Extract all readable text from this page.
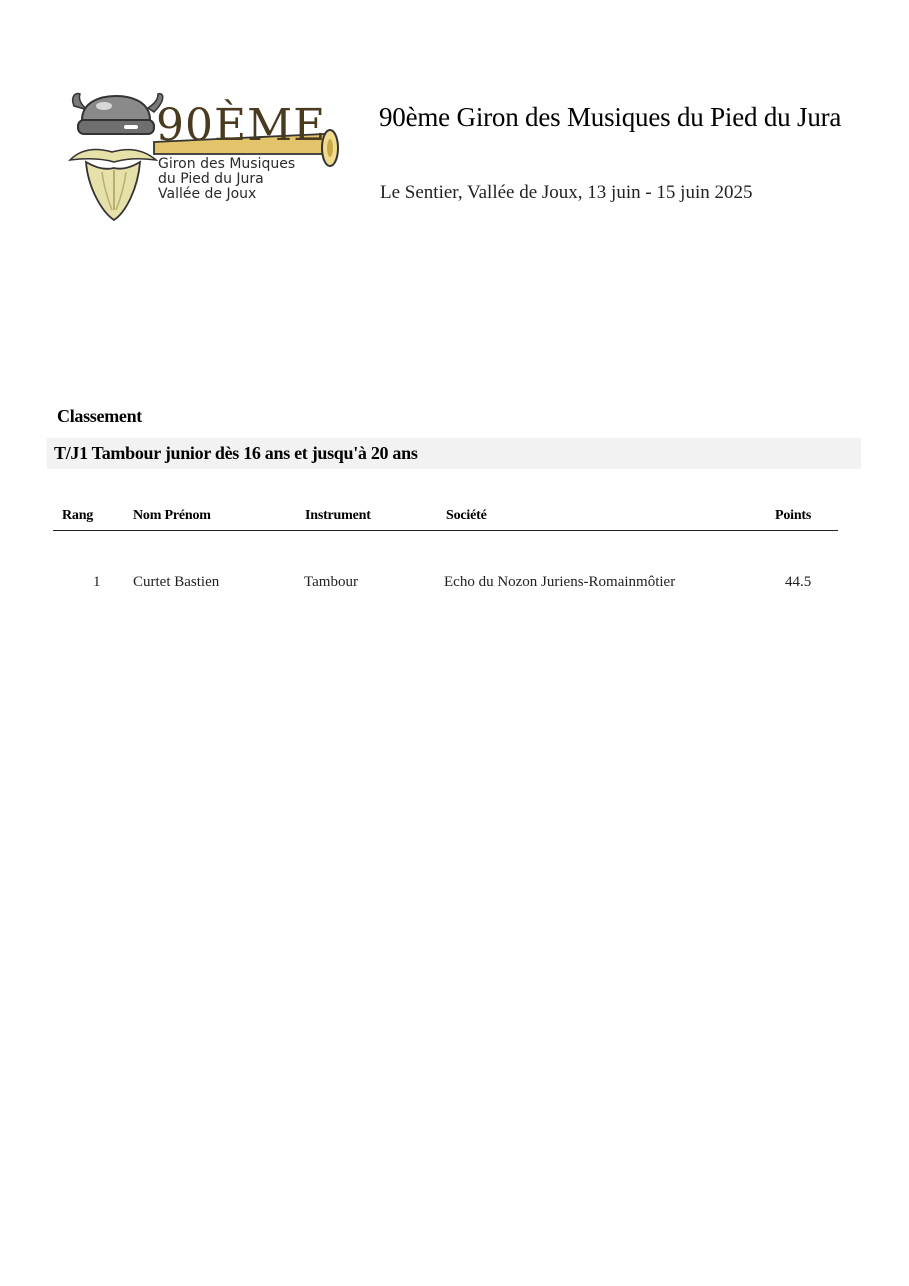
90ÈME
Giron des Musiques
du Pied du Jura
Vallée de Joux
90ème Giron des Musiques du Pied du Jura
Le Sentier, Vallée de Joux, 13 juin - 15 juin 2025
Classement
T/J1 Tambour junior dès 16 ans et jusqu'à 20 ans
Rang	Nom Prénom	Instrument	Société	Points
1 Curtet Bastien	Tambour	Echo du Nozon Juriens-Romainmôtier	44.5
